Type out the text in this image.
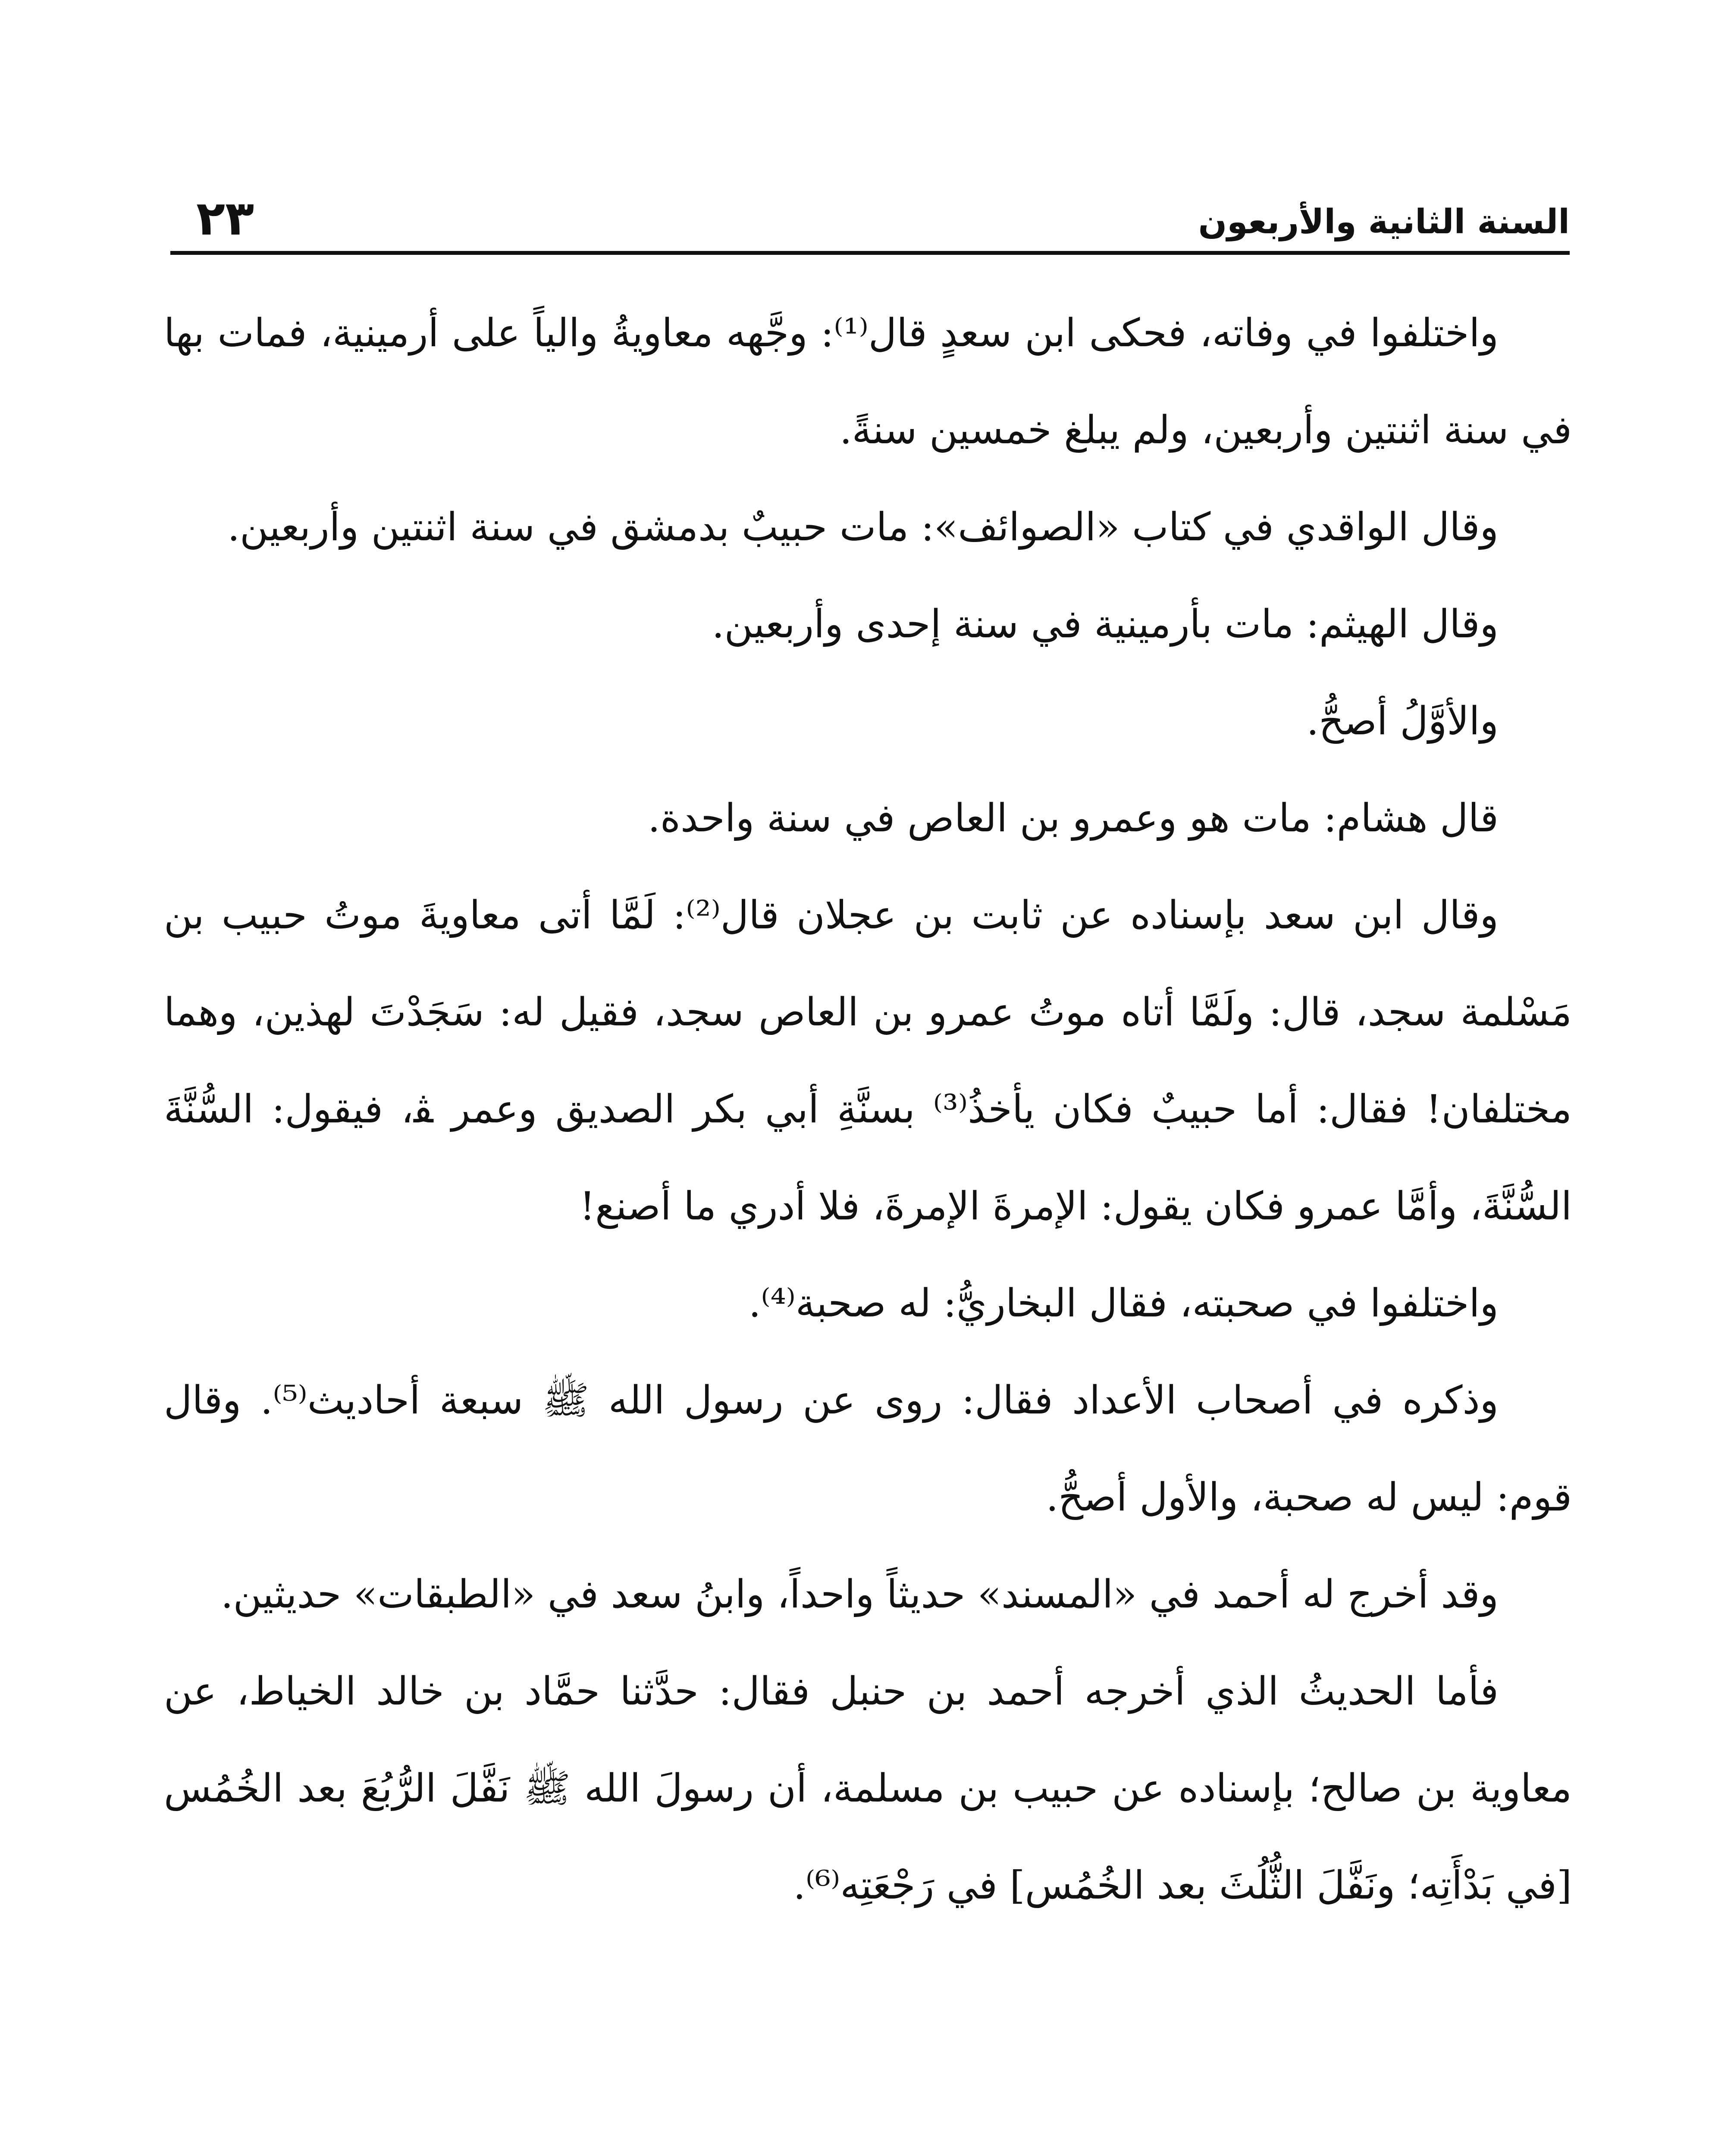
السنة الثانية والأربعون
٢٣

واختلفوا في وفاته، فحكى ابن سعدٍ قال⁽¹⁾: وجَّهه معاويةُ والياً على أرمينية، فمات بها في سنة اثنتين وأربعين، ولم يبلغ خمسين سنةً.

وقال الواقدي في كتاب «الصوائف»: مات حبيبٌ بدمشق في سنة اثنتين وأربعين.

وقال الهيثم: مات بأرمينية في سنة إحدى وأربعين.

والأوَّلُ أصحُّ.

قال هشام: مات هو وعمرو بن العاص في سنة واحدة.

وقال ابن سعد بإسناده عن ثابت بن عجلان قال⁽²⁾: لَمَّا أتى معاويةَ موتُ حبيب بن مَسْلمة سجد، قال: ولَمَّا أتاه موتُ عمرو بن العاص سجد، فقيل له: سَجَدْتَ لهذين، وهما مختلفان! فقال: أما حبيبٌ فكان يأخذُ⁽³⁾ بسنَّةِ أبي بكر الصديق وعمر ﭭ، فيقول: السُّنَّةَ السُّنَّةَ، وأمَّا عمرو فكان يقول: الإمرةَ الإمرةَ، فلا أدري ما أصنع!

واختلفوا في صحبته، فقال البخاريُّ: له صحبة⁽⁴⁾.

وذكره في أصحاب الأعداد فقال: روى عن رسول الله ﷺ سبعة أحاديث⁽⁵⁾. وقال قوم: ليس له صحبة، والأول أصحُّ.

وقد أخرج له أحمد في «المسند» حديثاً واحداً، وابنُ سعد في «الطبقات» حديثين.

فأما الحديثُ الذي أخرجه أحمد بن حنبل فقال: حدَّثنا حمَّاد بن خالد الخياط، عن معاوية بن صالح؛ بإسناده عن حبيب بن مسلمة، أن رسولَ الله ﷺ نَفَّلَ الرُّبُعَ بعد الخُمُس [في بَدْأَتِه؛ ونَفَّلَ الثُّلُثَ بعد الخُمُس] في رَجْعَتِه⁽⁶⁾.
